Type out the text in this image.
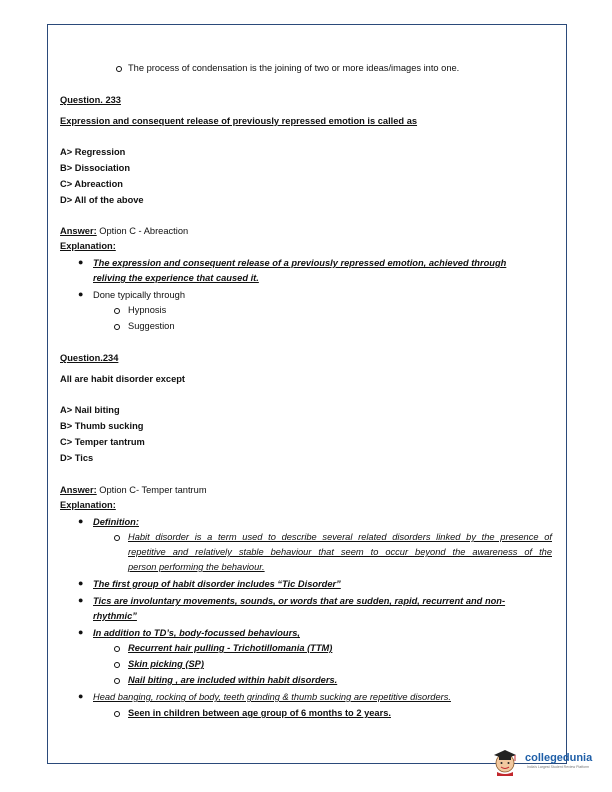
The process of condensation is the joining of two or more ideas/images into one.
Question. 233
Expression and consequent release of previously repressed emotion is called as
A> Regression
B> Dissociation
C> Abreaction
D> All of the above
Answer: Option C - Abreaction
Explanation:
● The expression and consequent release of a previously repressed emotion, achieved through
reliving the experience that caused it.
● Done typically through
Hypnosis
Suggestion
Question.234
All are habit disorder except
A> Nail biting
B> Thumb sucking
C> Temper tantrum
D> Tics
Answer: Option C- Temper tantrum
Explanation:
● Definition:
Habit disorder is a term used to describe several related disorders linked by the presence of
repetitive and relatively stable behaviour that seem to occur beyond the awareness of the
person performing the behaviour.
● The first group of habit disorder includes “Tic Disorder”
● Tics are involuntary movements, sounds, or words that are sudden, rapid, recurrent and non-
rhythmic”
● In addition to TD’s, body-focussed behaviours,
Recurrent hair pulling - Trichotillomania (TTM)
Skin picking (SP)
Nail biting , are included within habit disorders.
● Head banging, rocking of body, teeth grinding & thumb sucking are repetitive disorders.
Seen in children between age group of 6 months to 2 years.
collegedunia
India's Largest Student Review Platform
